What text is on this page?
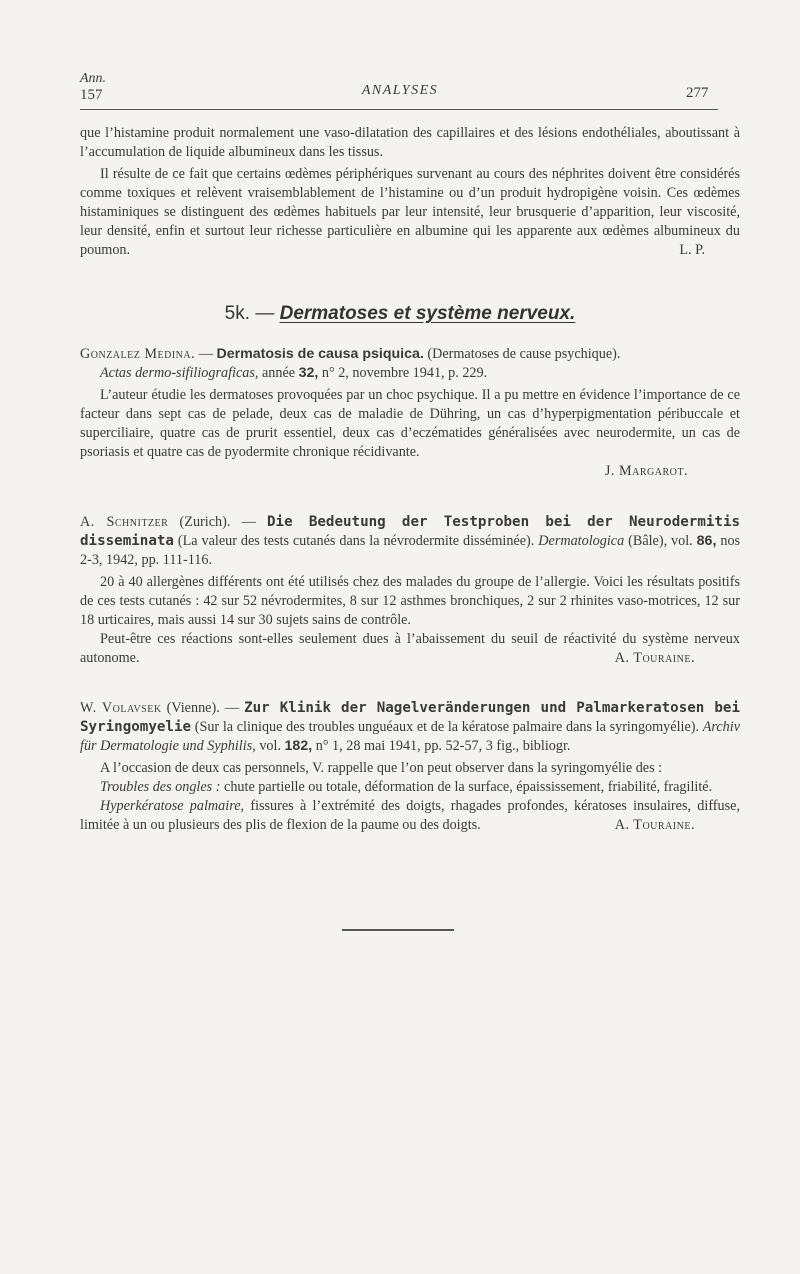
Ann.
157	ANALYSES	277

que l’histamine produit normalement une vaso-dilatation des capillaires et des lésions endothéliales, aboutissant à l’accumulation de liquide albumineux dans les tissus.

Il résulte de ce fait que certains œdèmes périphériques survenant au cours des néphrites doivent être considérés comme toxiques et relèvent vraisemblablement de l’histamine ou d’un produit hydropigène voisin. Ces œdèmes histaminiques se distinguent des œdèmes habituels par leur intensité, leur brusquerie d’apparition, leur viscosité, leur densité, enfin et surtout leur richesse particulière en albumine qui les apparente aux œdèmes albumineux du poumon.	L. P.

5k. — Dermatoses et système nerveux.

Gonzalez Medina. — Dermatosis de causa psiquica. (Dermatoses de cause psychique).

Actas dermo-sifiliograficas, année 32, n° 2, novembre 1941, p. 229.

L’auteur étudie les dermatoses provoquées par un choc psychique. Il a pu mettre en évidence l’importance de ce facteur dans sept cas de pelade, deux cas de maladie de Dühring, un cas d’hyperpigmentation péribuccale et superciliaire, quatre cas de prurit essentiel, deux cas d’eczématides généralisées avec neurodermite, un cas de psoriasis et quatre cas de pyodermite chronique récidivante.

J. Margarot.

A. Schnitzer (Zurich). — Die Bedeutung der Testproben bei der Neurodermitis disseminata (La valeur des tests cutanés dans la névrodermite disséminée). Dermatologica (Bâle), vol. 86, nos 2-3, 1942, pp. 111-116.

20 à 40 allergènes différents ont été utilisés chez des malades du groupe de l’allergie. Voici les résultats positifs de ces tests cutanés : 42 sur 52 névrodermites, 8 sur 12 asthmes bronchiques, 2 sur 2 rhinites vaso-motrices, 12 sur 18 urticaires, mais aussi 14 sur 30 sujets sains de contrôle.

Peut-être ces réactions sont-elles seulement dues à l’abaissement du seuil de réactivité du système nerveux autonome.	A. Touraine.

W. Volavsek (Vienne). — Zur Klinik der Nagelveränderungen und Palmarkeratosen bei Syringomyelie (Sur la clinique des troubles unguéaux et de la kératose palmaire dans la syringomyélie). Archiv für Dermatologie und Syphilis, vol. 182, n° 1, 28 mai 1941, pp. 52-57, 3 fig., bibliogr.

A l’occasion de deux cas personnels, V. rappelle que l’on peut observer dans la syringomyélie des :

Troubles des ongles : chute partielle ou totale, déformation de la surface, épaississement, friabilité, fragilité.

Hyperkératose palmaire, fissures à l’extrémité des doigts, rhagades profondes, kératoses insulaires, diffuse, limitée à un ou plusieurs des plis de flexion de la paume ou des doigts.	A. Touraine.
